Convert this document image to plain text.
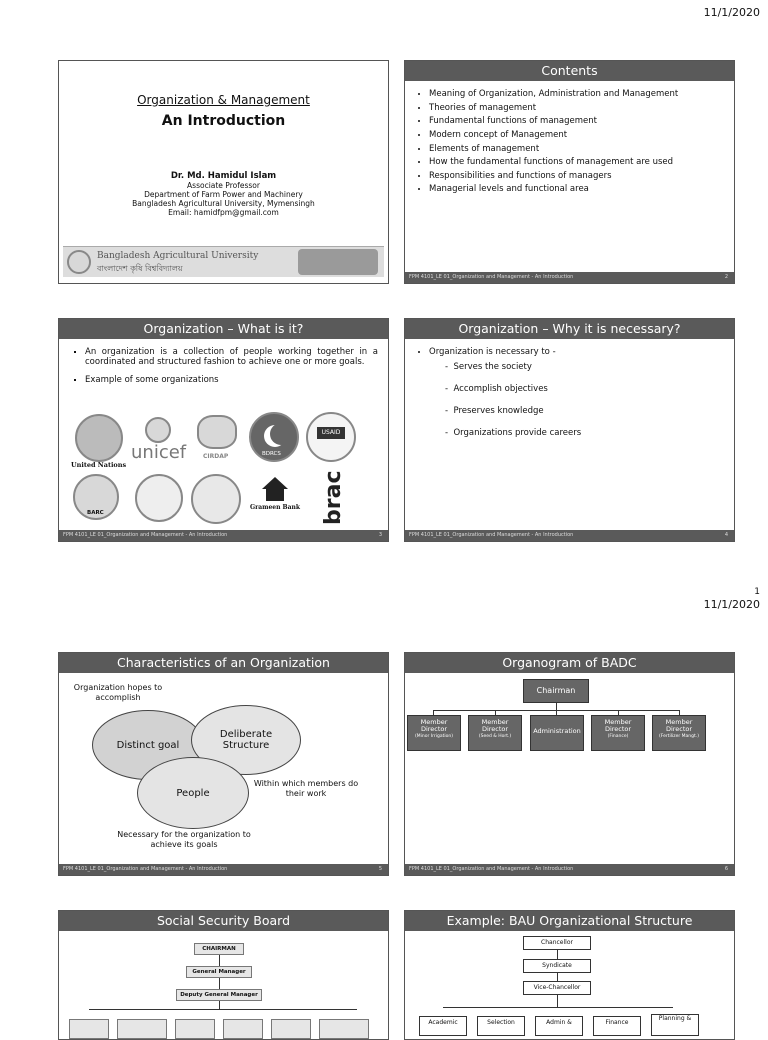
11/1/2020
1
11/1/2020
Organization & Management
An Introduction
Dr. Md. Hamidul Islam
Associate Professor
Department of Farm Power and Machinery
Bangladesh Agricultural University, Mymensingh
Email: hamidfpm@gmail.com
Bangladesh Agricultural University
বাংলাদেশ কৃষি বিশ্ববিদ্যালয়
Contents
• Meaning of Organization, Administration and Management
• Theories of management
• Fundamental functions of management
• Modern concept of Management
• Elements of management
• How the fundamental functions of management are used
• Responsibilities and functions of managers
• Managerial levels and functional area
FPM 4101_LE 01_Organization and Management - An Introduction	2
Organization – What is it?
▪ An organization is a collection of people working together in a coordinated and structured fashion to achieve one or more goals.
▪ Example of some organizations
United Nations
unicef	CIRDAP	BDRCS
USAID
BARC
Grameen Bank brac
FPM 4101_LE 01_Organization and Management - An Introduction	3
Organization – Why it is necessary?
• Organization is necessary to -
-  Serves the society
-  Accomplish objectives
-  Preserves knowledge
-  Organizations provide careers
FPM 4101_LE 01_Organization and Management - An Introduction	4
Characteristics of an Organization
Organization hopes to accomplish
Distinct goal
Deliberate Structure
People
Within which members do their work
Necessary for the organization to achieve its goals
FPM 4101_LE 01_Organization and Management - An Introduction	5
Organogram of BADC
Chairman
Member
Director
(Minor Irrigation)
Member
Director
(Seed & Hort.)
Administration
Member
Director
(Finance)
Member
Director
(Fertilizer Mangt.)
FPM 4101_LE 01_Organization and Management - An Introduction	6
Social Security Board
CHAIRMAN
General Manager
Deputy General Manager
Example: BAU Organizational Structure
Chancellor
Syndicate
Vice-Chancellor
Academic	Selection	Admin &	Finance
Planning &
